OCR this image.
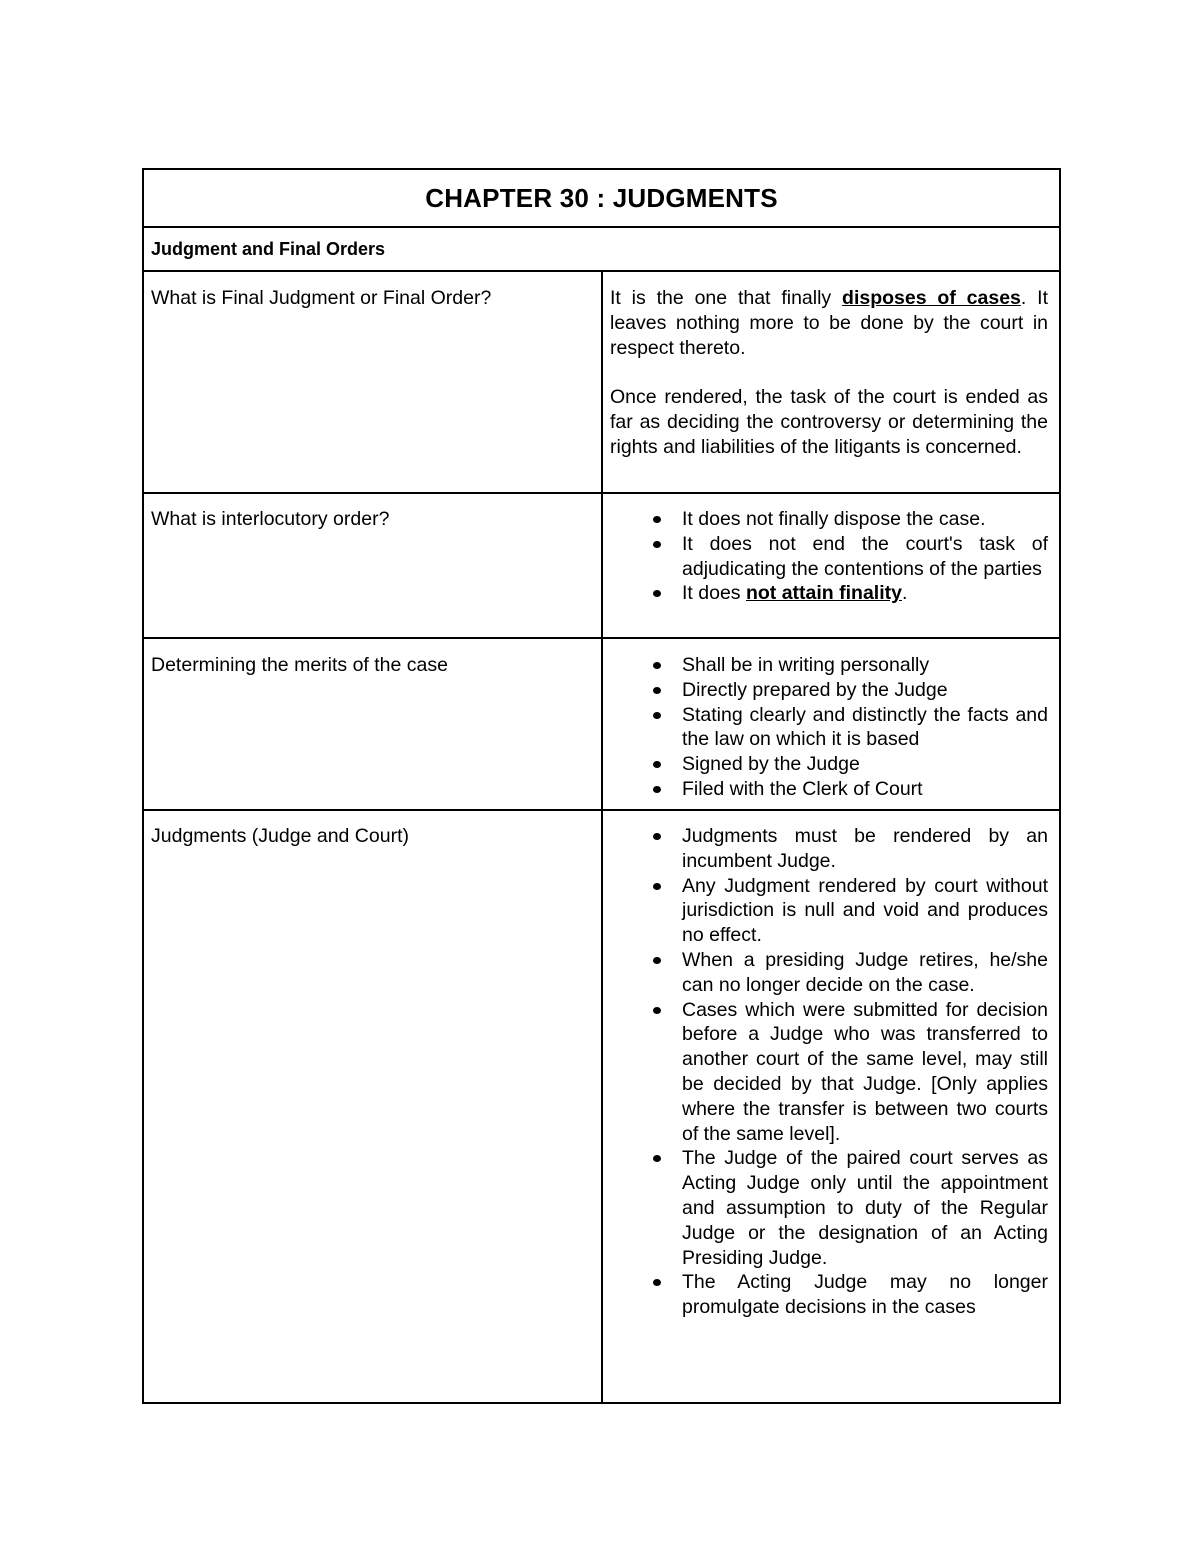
CHAPTER 30 : JUDGMENTS
Judgment and Final Orders
What is Final Judgment or Final Order?	It is the one that finally disposes of cases. It leaves nothing more to be done by the court in respect thereto.

Once rendered, the task of the court is ended as far as deciding the controversy or determining the rights and liabilities of the litigants is concerned.

What is interlocutory order?	It does not finally dispose the case.
It does not end the court's task of adjudicating the contentions of the parties
It does not attain finality.
Determining the merits of the case	Shall be in writing personally
Directly prepared by the Judge
Stating clearly and distinctly the facts and the law on which it is based
Signed by the Judge
Filed with the Clerk of Court
Judgments (Judge and Court)	Judgments must be rendered by an incumbent Judge.
Any Judgment rendered by court without jurisdiction is null and void and produces no effect.
When a presiding Judge retires, he/she can no longer decide on the case.
Cases which were submitted for decision before a Judge who was transferred to another court of the same level, may still be decided by that Judge. [Only applies where the transfer is between two courts of the same level].
The Judge of the paired court serves as Acting Judge only until the appointment and assumption to duty of the Regular Judge or the designation of an Acting Presiding Judge.
The Acting Judge may no longer promulgate decisions in the cases
